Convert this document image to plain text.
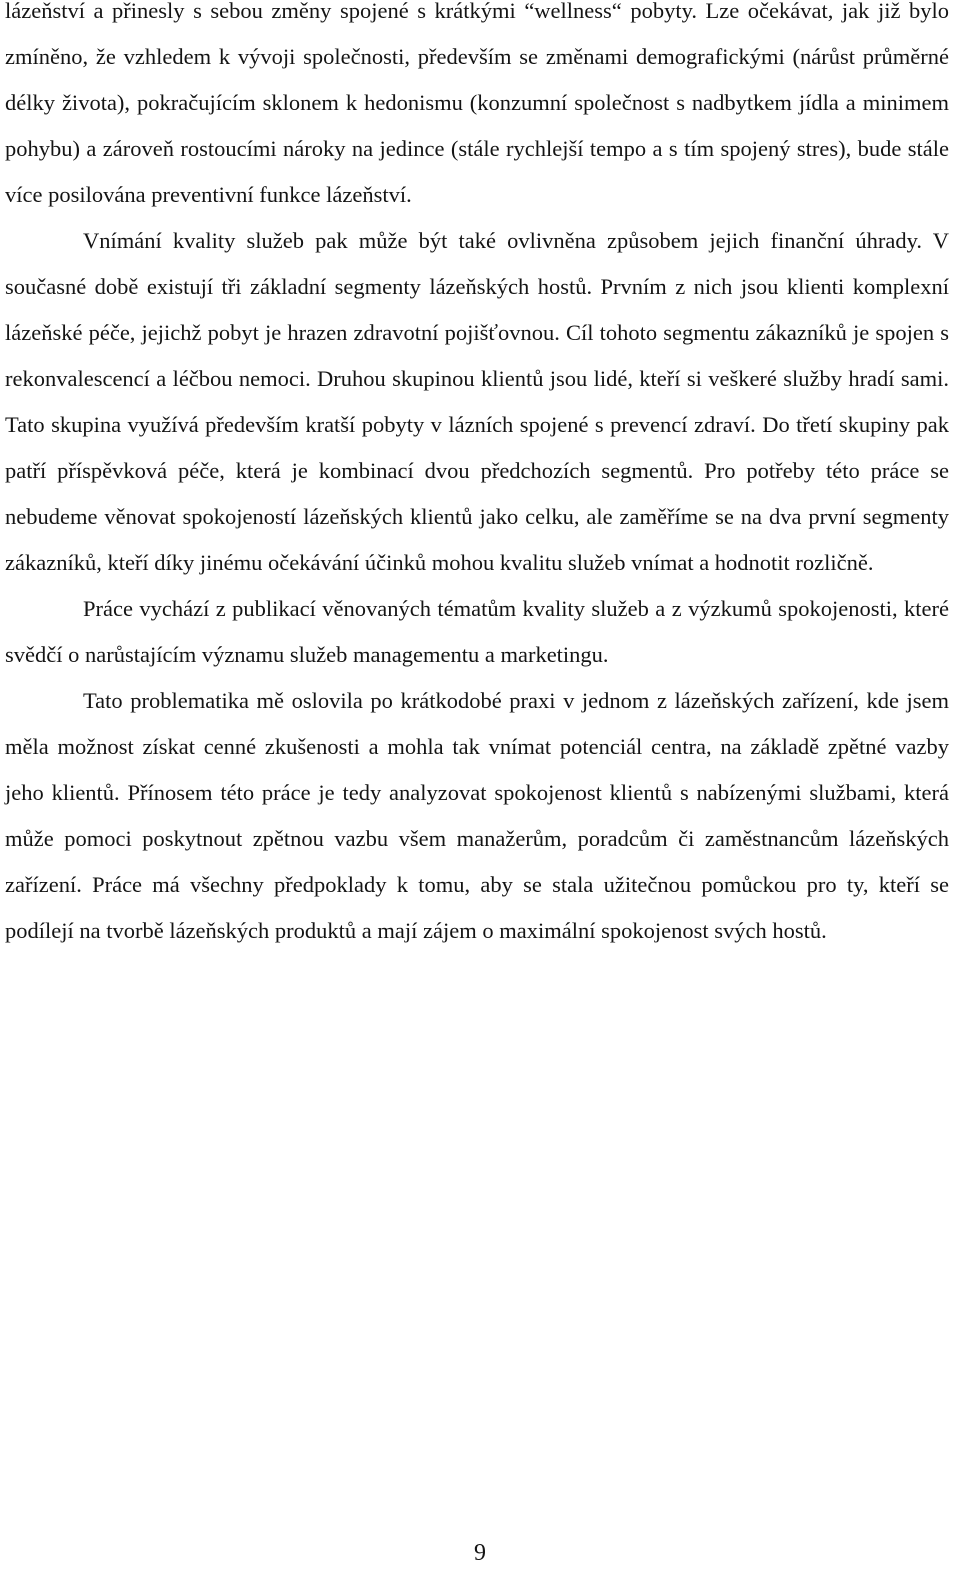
lázeňství a přinesly s sebou změny spojené s krátkými “wellness“ pobyty. Lze očekávat, jak již bylo zmíněno, že vzhledem k vývoji společnosti, především se změnami demografickými (nárůst průměrné délky života), pokračujícím sklonem k hedonismu (konzumní společnost s nadbytkem jídla a minimem pohybu) a zároveň rostoucími nároky na jedince (stále rychlejší tempo a s tím spojený stres), bude stále více posilována preventivní funkce lázeňství.

Vnímání kvality služeb pak může být také ovlivněna způsobem jejich finanční úhrady. V současné době existují tři základní segmenty lázeňských hostů. Prvním z nich jsou klienti komplexní lázeňské péče, jejichž pobyt je hrazen zdravotní pojišťovnou. Cíl tohoto segmentu zákazníků je spojen s rekonvalescencí a léčbou nemoci. Druhou skupinou klientů jsou lidé, kteří si veškeré služby hradí sami. Tato skupina využívá především kratší pobyty v lázních spojené s prevencí zdraví. Do třetí skupiny pak patří příspěvková péče, která je kombinací dvou předchozích segmentů. Pro potřeby této práce se nebudeme věnovat spokojeností lázeňských klientů jako celku, ale zaměříme se na dva první segmenty zákazníků, kteří díky jinému očekávání účinků mohou kvalitu služeb vnímat a hodnotit rozličně.

Práce vychází z publikací věnovaných tématům kvality služeb a z výzkumů spokojenosti, které svědčí o narůstajícím významu služeb managementu a marketingu.

Tato problematika mě oslovila po krátkodobé praxi v jednom z lázeňských zařízení, kde jsem měla možnost získat cenné zkušenosti a mohla tak vnímat potenciál centra, na základě zpětné vazby jeho klientů. Přínosem této práce je tedy analyzovat spokojenost klientů s nabízenými službami, která může pomoci poskytnout zpětnou vazbu všem manažerům, poradcům či zaměstnancům lázeňských zařízení. Práce má všechny předpoklady k tomu, aby se stala užitečnou pomůckou pro ty, kteří se podílejí na tvorbě lázeňských produktů a mají zájem o maximální spokojenost svých hostů.

9
